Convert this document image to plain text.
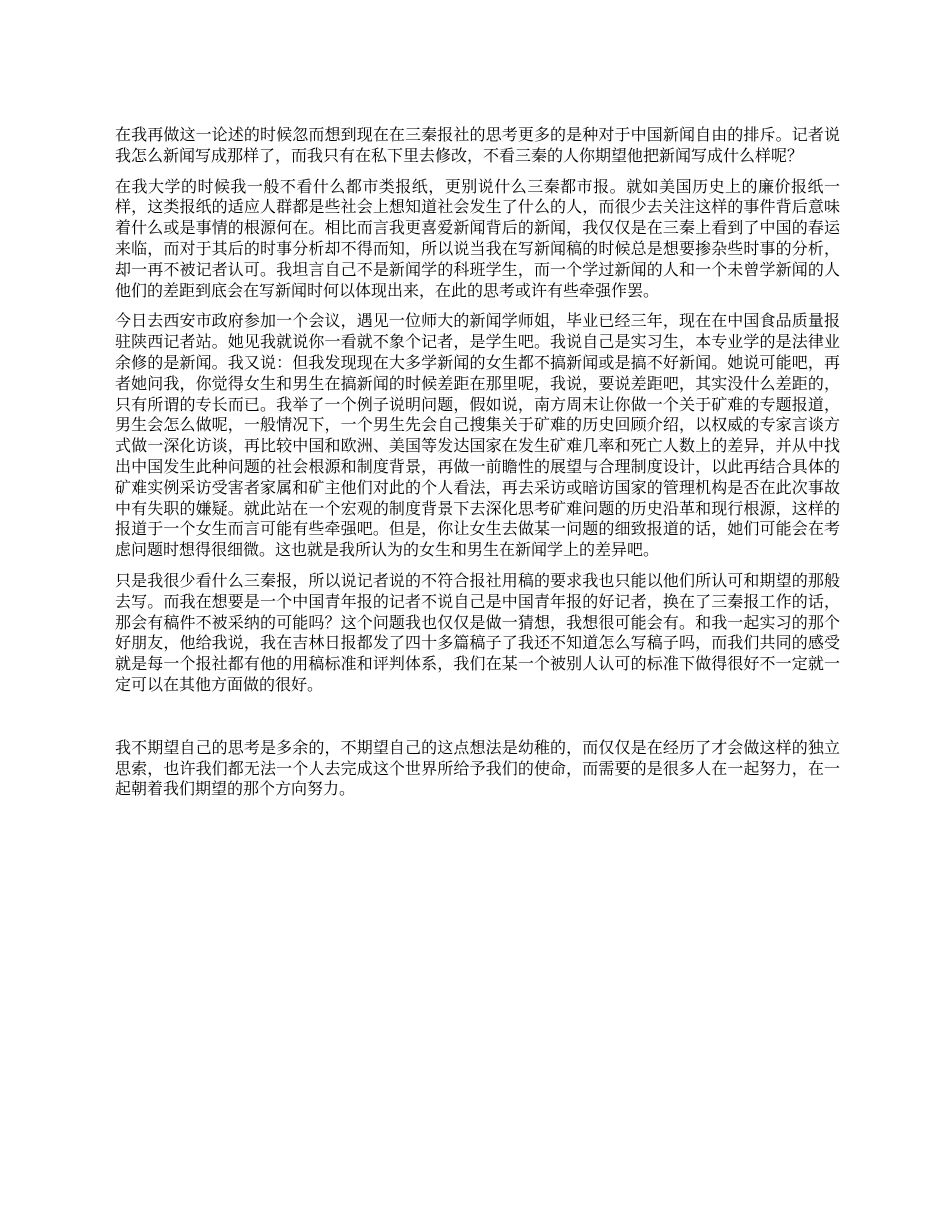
在我再做这一论述的时候忽而想到现在在三秦报社的思考更多的是种对于中国新闻自由的排斥。记者说我怎么新闻写成那样了，而我只有在私下里去修改，不看三秦的人你期望他把新闻写成什么样呢？

在我大学的时候我一般不看什么都市类报纸，更别说什么三秦都市报。就如美国历史上的廉价报纸一样，这类报纸的适应人群都是些社会上想知道社会发生了什么的人，而很少去关注这样的事件背后意味着什么或是事情的根源何在。相比而言我更喜爱新闻背后的新闻，我仅仅是在三秦上看到了中国的春运来临，而对于其后的时事分析却不得而知，所以说当我在写新闻稿的时候总是想要掺杂些时事的分析，却一再不被记者认可。我坦言自己不是新闻学的科班学生，而一个学过新闻的人和一个未曾学新闻的人他们的差距到底会在写新闻时何以体现出来，在此的思考或许有些牵强作罢。

今日去西安市政府参加一个会议，遇见一位师大的新闻学师姐，毕业已经三年，现在在中国食品质量报驻陕西记者站。她见我就说你一看就不象个记者，是学生吧。我说自己是实习生，本专业学的是法律业余修的是新闻。我又说：但我发现现在大多学新闻的女生都不搞新闻或是搞不好新闻。她说可能吧，再者她问我，你觉得女生和男生在搞新闻的时候差距在那里呢，我说，要说差距吧，其实没什么差距的，只有所谓的专长而已。我举了一个例子说明问题，假如说，南方周末让你做一个关于矿难的专题报道，男生会怎么做呢，一般情况下，一个男生先会自己搜集关于矿难的历史回顾介绍，以权威的专家言谈方式做一深化访谈，再比较中国和欧洲、美国等发达国家在发生矿难几率和死亡人数上的差异，并从中找出中国发生此种问题的社会根源和制度背景，再做一前瞻性的展望与合理制度设计，以此再结合具体的矿难实例采访受害者家属和矿主他们对此的个人看法，再去采访或暗访国家的管理机构是否在此次事故中有失职的嫌疑。就此站在一个宏观的制度背景下去深化思考矿难问题的历史沿革和现行根源，这样的报道于一个女生而言可能有些牵强吧。但是，你让女生去做某一问题的细致报道的话，她们可能会在考虑问题时想得很细微。这也就是我所认为的女生和男生在新闻学上的差异吧。

只是我很少看什么三秦报，所以说记者说的不符合报社用稿的要求我也只能以他们所认可和期望的那般去写。而我在想要是一个中国青年报的记者不说自己是中国青年报的好记者，换在了三秦报工作的话，那会有稿件不被采纳的可能吗？这个问题我也仅仅是做一猜想，我想很可能会有。和我一起实习的那个好朋友，他给我说，我在吉林日报都发了四十多篇稿子了我还不知道怎么写稿子吗，而我们共同的感受就是每一个报社都有他的用稿标准和评判体系，我们在某一个被别人认可的标准下做得很好不一定就一定可以在其他方面做的很好。

我不期望自己的思考是多余的，不期望自己的这点想法是幼稚的，而仅仅是在经历了才会做这样的独立思索，也许我们都无法一个人去完成这个世界所给予我们的使命，而需要的是很多人在一起努力，在一起朝着我们期望的那个方向努力。
